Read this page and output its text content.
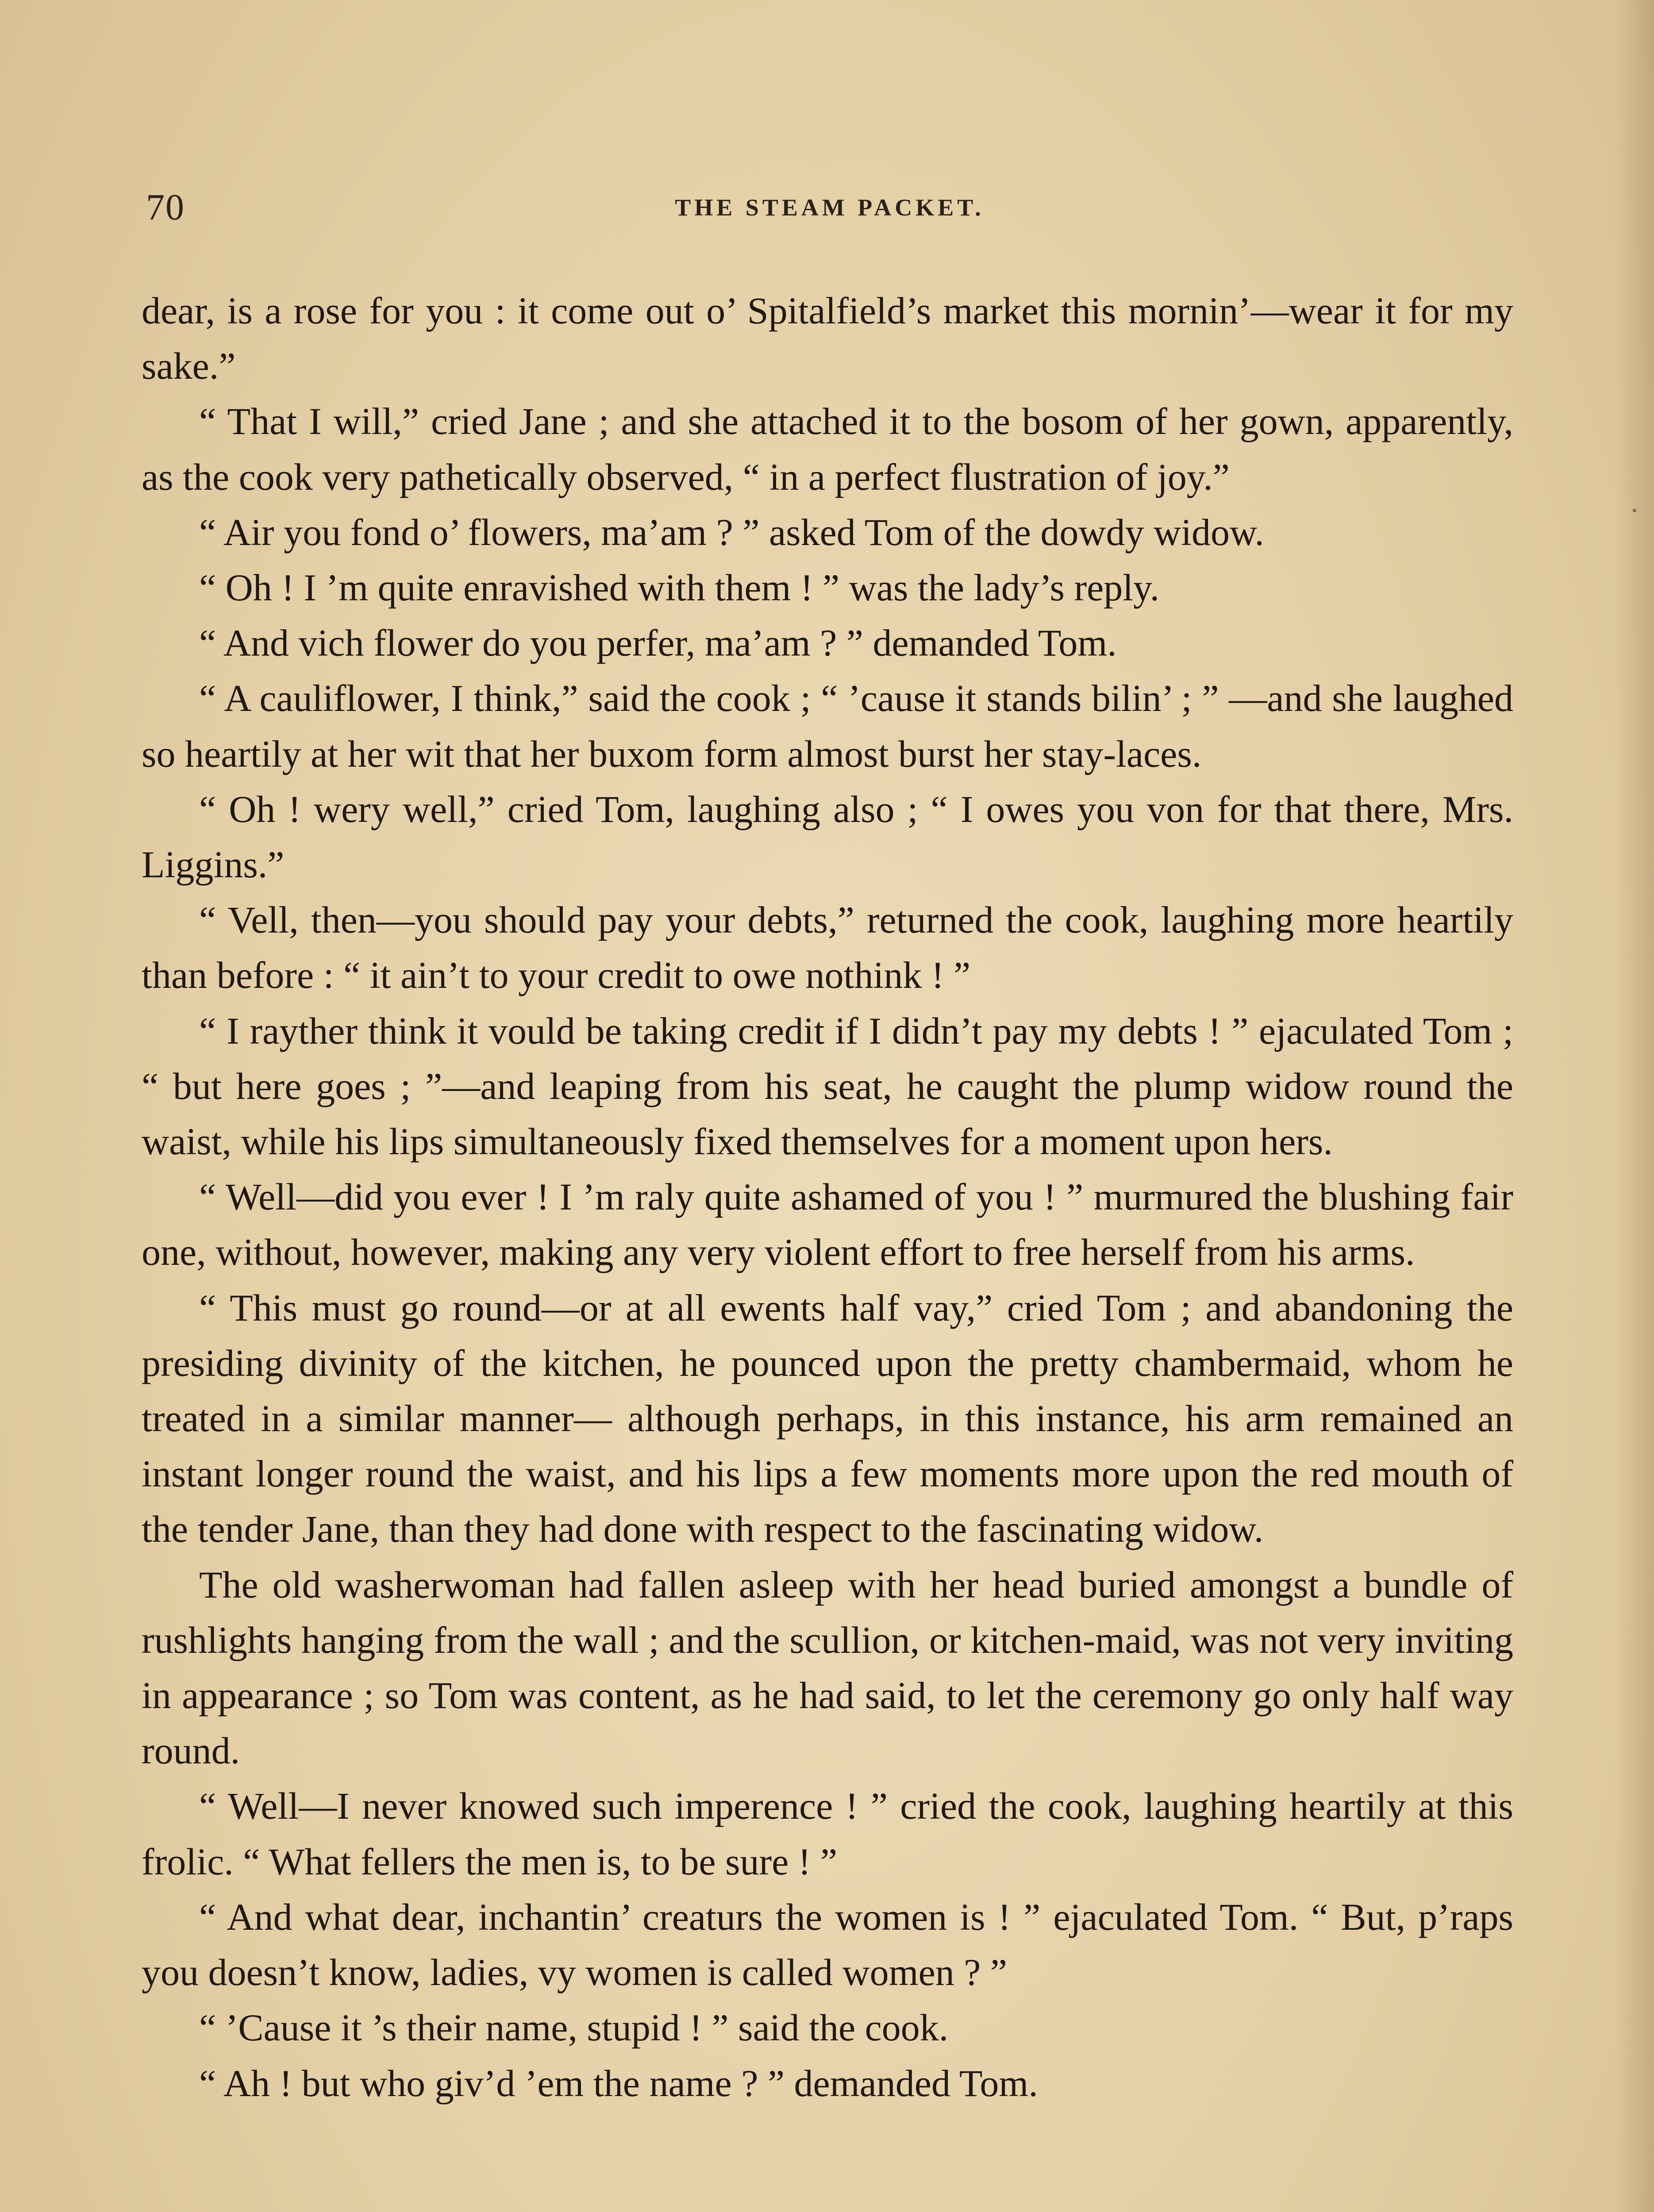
70	THE STEAM PACKET.

dear, is a rose for you : it come out o’ Spitalfield’s market this mornin’—wear it for my sake.”

“ That I will,” cried Jane ; and she attached it to the bosom of her gown, apparently, as the cook very pathetically observed, “ in a perfect flustration of joy.”

“ Air you fond o’ flowers, ma’am ? ” asked Tom of the dowdy widow.

“ Oh ! I ’m quite enravished with them ! ” was the lady’s reply.

“ And vich flower do you perfer, ma’am ? ” demanded Tom.

“ A cauliflower, I think,” said the cook ; “ ’cause it stands bilin’ ; ” —and she laughed so heartily at her wit that her buxom form almost burst her stay-laces.

“ Oh ! wery well,” cried Tom, laughing also ; “ I owes you von for that there, Mrs. Liggins.”

“ Vell, then—you should pay your debts,” returned the cook, laughing more heartily than before : “ it ain’t to your credit to owe nothink ! ”

“ I rayther think it vould be taking credit if I didn’t pay my debts ! ” ejaculated Tom ; “ but here goes ; ”—and leaping from his seat, he caught the plump widow round the waist, while his lips simultaneously fixed themselves for a moment upon hers.

“ Well—did you ever ! I ’m raly quite ashamed of you ! ” murmured the blushing fair one, without, however, making any very violent effort to free herself from his arms.

“ This must go round—or at all ewents half vay,” cried Tom ; and abandoning the presiding divinity of the kitchen, he pounced upon the pretty chambermaid, whom he treated in a similar manner— although perhaps, in this instance, his arm remained an instant longer round the waist, and his lips a few moments more upon the red mouth of the tender Jane, than they had done with respect to the fascinating widow.

The old washerwoman had fallen asleep with her head buried amongst a bundle of rushlights hanging from the wall ; and the scullion, or kitchen-maid, was not very inviting in appearance ; so Tom was content, as he had said, to let the ceremony go only half way round.

“ Well—I never knowed such imperence ! ” cried the cook, laughing heartily at this frolic. “ What fellers the men is, to be sure ! ”

“ And what dear, inchantin’ creaturs the women is ! ” ejaculated Tom. “ But, p’raps you doesn’t know, ladies, vy women is called women ? ”

“ ’Cause it ’s their name, stupid ! ” said the cook.

“ Ah ! but who giv’d ’em the name ? ” demanded Tom.
